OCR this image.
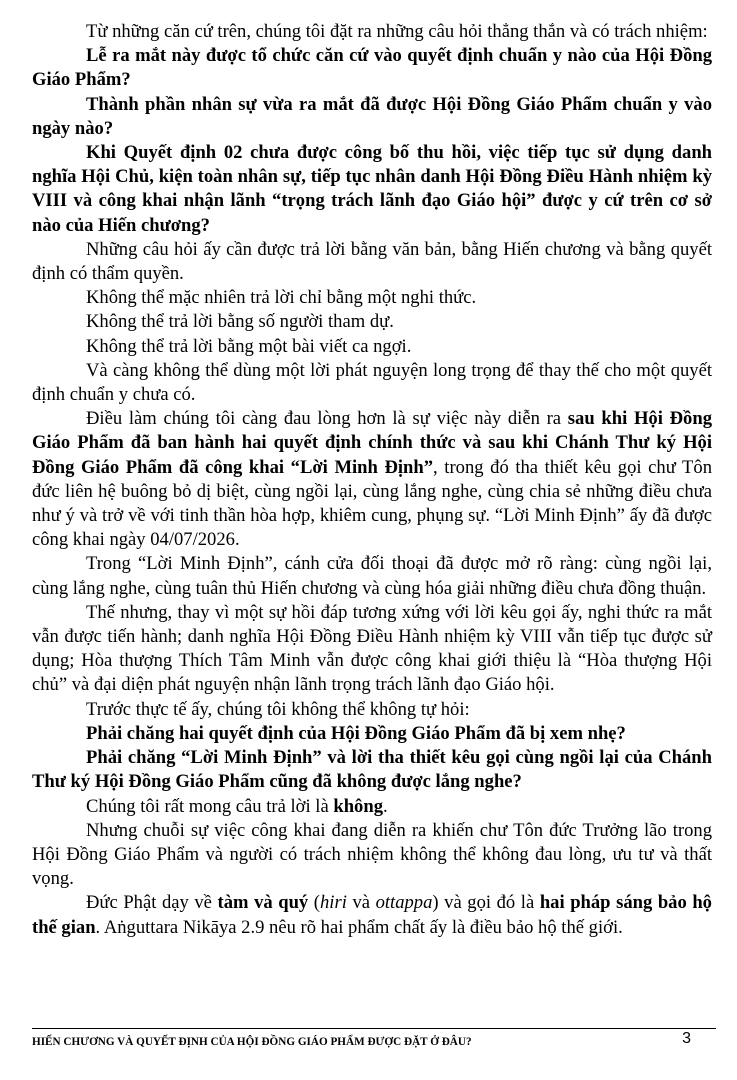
Từ những căn cứ trên, chúng tôi đặt ra những câu hỏi thẳng thắn và có trách nhiệm:

Lễ ra mắt này được tổ chức căn cứ vào quyết định chuẩn y nào của Hội Đồng Giáo Phẩm?

Thành phần nhân sự vừa ra mắt đã được Hội Đồng Giáo Phẩm chuẩn y vào ngày nào?

Khi Quyết định 02 chưa được công bố thu hồi, việc tiếp tục sử dụng danh nghĩa Hội Chủ, kiện toàn nhân sự, tiếp tục nhân danh Hội Đồng Điều Hành nhiệm kỳ VIII và công khai nhận lãnh “trọng trách lãnh đạo Giáo hội” được y cứ trên cơ sở nào của Hiến chương?

Những câu hỏi ấy cần được trả lời bằng văn bản, bằng Hiến chương và bằng quyết định có thẩm quyền.

Không thể mặc nhiên trả lời chỉ bằng một nghi thức.

Không thể trả lời bằng số người tham dự.

Không thể trả lời bằng một bài viết ca ngợi.

Và càng không thể dùng một lời phát nguyện long trọng để thay thế cho một quyết định chuẩn y chưa có.

Điều làm chúng tôi càng đau lòng hơn là sự việc này diễn ra sau khi Hội Đồng Giáo Phẩm đã ban hành hai quyết định chính thức và sau khi Chánh Thư ký Hội Đồng Giáo Phẩm đã công khai “Lời Minh Định”, trong đó tha thiết kêu gọi chư Tôn đức liên hệ buông bỏ dị biệt, cùng ngồi lại, cùng lắng nghe, cùng chia sẻ những điều chưa như ý và trở về với tinh thần hòa hợp, khiêm cung, phụng sự. “Lời Minh Định” ấy đã được công khai ngày 04/07/2026.

Trong “Lời Minh Định”, cánh cửa đối thoại đã được mở rõ ràng: cùng ngồi lại, cùng lắng nghe, cùng tuân thủ Hiến chương và cùng hóa giải những điều chưa đồng thuận.

Thế nhưng, thay vì một sự hồi đáp tương xứng với lời kêu gọi ấy, nghi thức ra mắt vẫn được tiến hành; danh nghĩa Hội Đồng Điều Hành nhiệm kỳ VIII vẫn tiếp tục được sử dụng; Hòa thượng Thích Tâm Minh vẫn được công khai giới thiệu là “Hòa thượng Hội chủ” và đại diện phát nguyện nhận lãnh trọng trách lãnh đạo Giáo hội.

Trước thực tế ấy, chúng tôi không thể không tự hỏi:

Phải chăng hai quyết định của Hội Đồng Giáo Phẩm đã bị xem nhẹ?

Phải chăng “Lời Minh Định” và lời tha thiết kêu gọi cùng ngồi lại của Chánh Thư ký Hội Đồng Giáo Phẩm cũng đã không được lắng nghe?

Chúng tôi rất mong câu trả lời là không.

Nhưng chuỗi sự việc công khai đang diễn ra khiến chư Tôn đức Trưởng lão trong Hội Đồng Giáo Phẩm và người có trách nhiệm không thể không đau lòng, ưu tư và thất vọng.

Đức Phật dạy về tàm và quý (hiri và ottappa) và gọi đó là hai pháp sáng bảo hộ thế gian. Aṅguttara Nikāya 2.9 nêu rõ hai phẩm chất ấy là điều bảo hộ thế giới.

HIẾN CHƯƠNG VÀ QUYẾT ĐỊNH CỦA HỘI ĐỒNG GIÁO PHẨM ĐƯỢC ĐẶT Ở ĐÂU?	3
